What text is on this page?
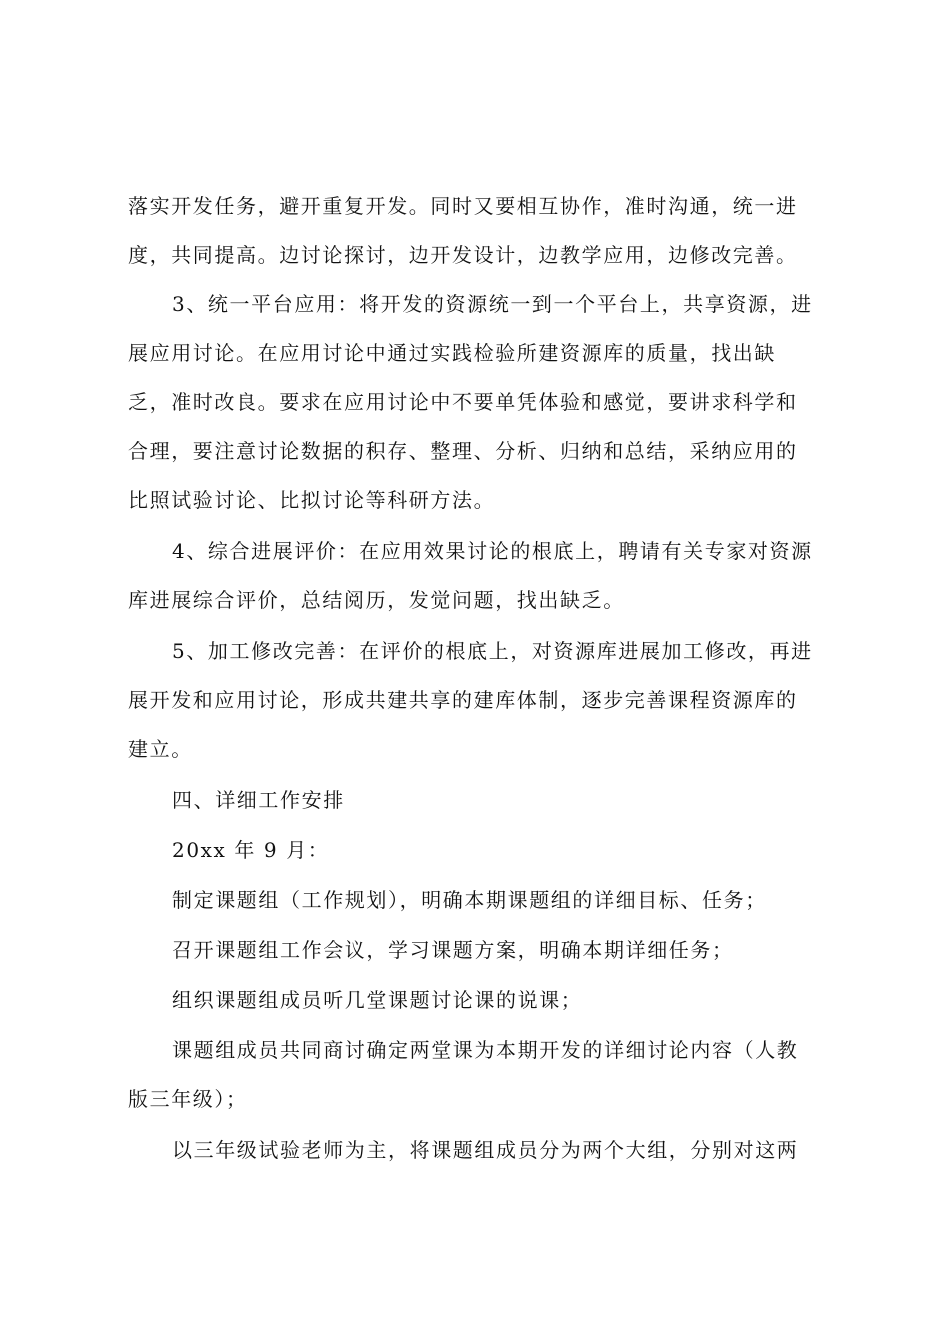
落实开发任务，避开重复开发。同时又要相互协作，准时沟通，统一进
度，共同提高。边讨论探讨，边开发设计，边教学应用，边修改完善。

3、统一平台应用：将开发的资源统一到一个平台上，共享资源，进
展应用讨论。在应用讨论中通过实践检验所建资源库的质量，找出缺
乏，准时改良。要求在应用讨论中不要单凭体验和感觉，要讲求科学和
合理，要注意讨论数据的积存、整理、分析、归纳和总结，采纳应用的
比照试验讨论、比拟讨论等科研方法。

4、综合进展评价：在应用效果讨论的根底上，聘请有关专家对资源
库进展综合评价，总结阅历，发觉问题，找出缺乏。

5、加工修改完善：在评价的根底上，对资源库进展加工修改，再进
展开发和应用讨论，形成共建共享的建库体制，逐步完善课程资源库的
建立。

四、详细工作安排

20xx 年 9 月：

制定课题组（工作规划），明确本期课题组的详细目标、任务；

召开课题组工作会议，学习课题方案，明确本期详细任务；

组织课题组成员听几堂课题讨论课的说课；

课题组成员共同商讨确定两堂课为本期开发的详细讨论内容（人教
版三年级）；

以三年级试验老师为主，将课题组成员分为两个大组，分别对这两
